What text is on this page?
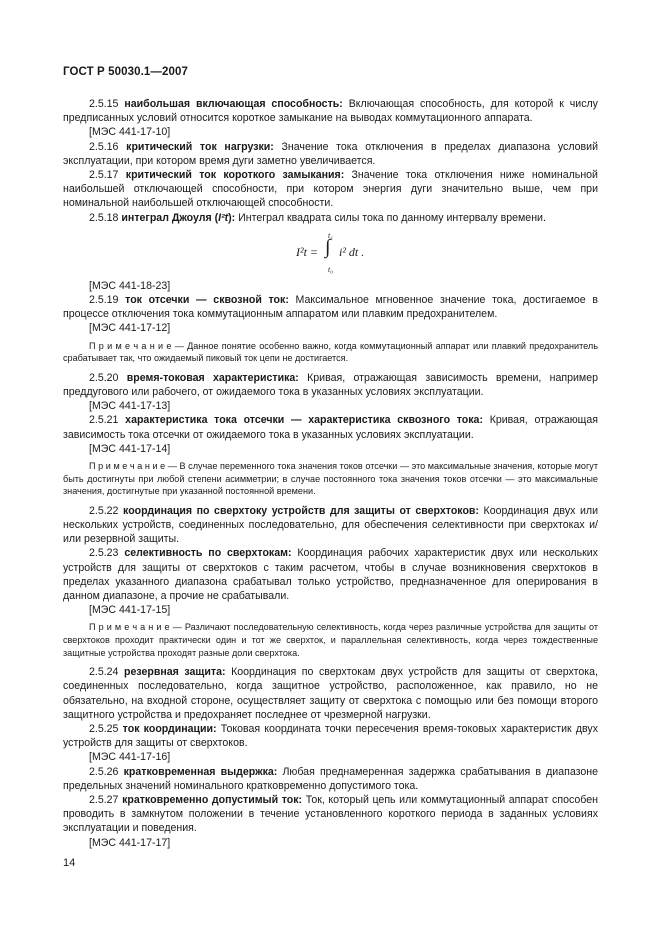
ГОСТ Р 50030.1—2007

2.5.15 наибольшая включающая способность: Включающая способность, для которой к числу предписанных условий относится короткое замыкание на выводах коммутационного аппарата.

[МЭС 441-17-10]

2.5.16 критический ток нагрузки: Значение тока отключения в пределах диапазона условий эксплуатации, при котором время дуги заметно увеличивается.

2.5.17 критический ток короткого замыкания: Значение тока отключения ниже номинальной наибольшей отключающей способности, при котором энергия дуги значительно выше, чем при номинальной наибольшей отключающей способности.

2.5.18 интеграл Джоуля (I²t): Интеграл квадрата силы тока по данному интервалу времени.

I²t =
t₁
∫
t₀
i² dt .

[МЭС 441-18-23]

2.5.19 ток отсечки — сквозной ток: Максимальное мгновенное значение тока, достигаемое в процессе отключения тока коммутационным аппаратом или плавким предохранителем.

[МЭС 441-17-12]

П р и м е ч а н и е — Данное понятие особенно важно, когда коммутационный аппарат или плавкий предохранитель срабатывает так, что ожидаемый пиковый ток цепи не достигается.

2.5.20 время-токовая характеристика: Кривая, отражающая зависимость времени, например преддугового или рабочего, от ожидаемого тока в указанных условиях эксплуатации.

[МЭС 441-17-13]

2.5.21 характеристика тока отсечки — характеристика сквозного тока: Кривая, отражающая зависимость тока отсечки от ожидаемого тока в указанных условиях эксплуатации.

[МЭС 441-17-14]

П р и м е ч а н и е — В случае переменного тока значения токов отсечки — это максимальные значения, которые могут быть достигнуты при любой степени асимметрии; в случае постоянного тока значения токов отсечки — это максимальные значения, достигнутые при указанной постоянной времени.

2.5.22 координация по сверхтоку устройств для защиты от сверхтоков: Координация двух или нескольких устройств, соединенных последовательно, для обеспечения селективности при сверхтоках и/или резервной защиты.

2.5.23 селективность по сверхтокам: Координация рабочих характеристик двух или нескольких устройств для защиты от сверхтоков с таким расчетом, чтобы в случае возникновения сверхтоков в пределах указанного диапазона срабатывал только устройство, предназначенное для оперирования в данном диапазоне, а прочие не срабатывали.

[МЭС 441-17-15]

П р и м е ч а н и е — Различают последовательную селективность, когда через различные устройства для защиты от сверхтоков проходит практически один и тот же сверхток, и параллельная селективность, когда через тождественные защитные устройства проходят разные доли сверхтока.

2.5.24 резервная защита: Координация по сверхтокам двух устройств для защиты от сверхтока, соединенных последовательно, когда защитное устройство, расположенное, как правило, но не обязательно, на входной стороне, осуществляет защиту от сверхтока с помощью или без помощи второго защитного устройства и предохраняет последнее от чрезмерной нагрузки.

2.5.25 ток координации: Токовая координата точки пересечения время-токовых характеристик двух устройств для защиты от сверхтоков.

[МЭС 441-17-16]

2.5.26 кратковременная выдержка: Любая преднамеренная задержка срабатывания в диапазоне предельных значений номинального кратковременно допустимого тока.

2.5.27 кратковременно допустимый ток: Ток, который цепь или коммутационный аппарат способен проводить в замкнутом положении в течение установленного короткого периода в заданных условиях эксплуатации и поведения.

[МЭС 441-17-17]

14
